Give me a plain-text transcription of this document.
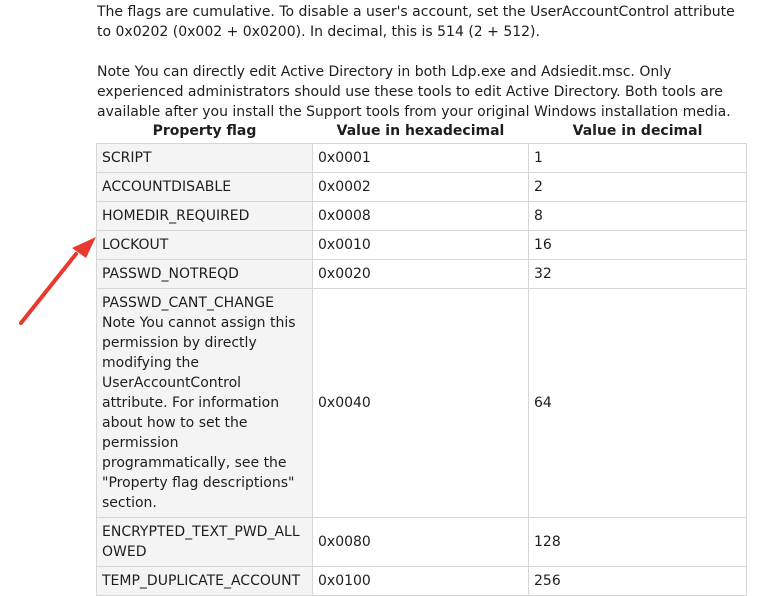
The flags are cumulative. To disable a user's account, set the UserAccountControl attribute to 0x0202 (0x002 + 0x0200). In decimal, this is 514 (2 + 512).

Note You can directly edit Active Directory in both Ldp.exe and Adsiedit.msc. Only experienced administrators should use these tools to edit Active Directory. Both tools are available after you install the Support tools from your original Windows installation media.

Property flag	Value in hexadecimal	Value in decimal

SCRIPT	0x0001	1

ACCOUNTDISABLE	0x0002	2

HOMEDIR_REQUIRED	0x0008	8

LOCKOUT	0x0010	16

PASSWD_NOTREQD	0x0020	32

PASSWD_CANT_CHANGE
Note You cannot assign this permission by directly modifying the UserAccountControl attribute. For information about how to set the permission programmatically, see the "Property flag descriptions" section.	0x0040	64

ENCRYPTED_TEXT_PWD_ALLOWED	0x0080	128

TEMP_DUPLICATE_ACCOUNT	0x0100	256
